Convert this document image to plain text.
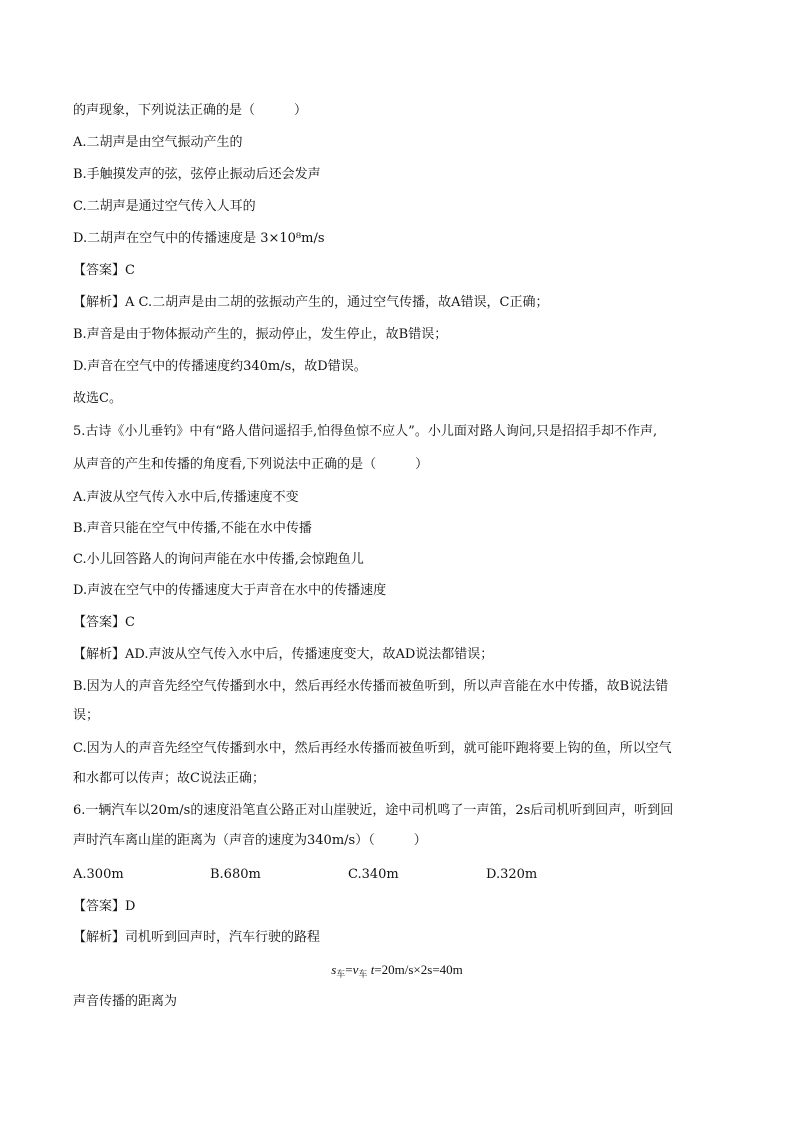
的声现象，下列说法正确的是（　　　）
A.二胡声是由空气振动产生的
B.手触摸发声的弦，弦停止振动后还会发声
C.二胡声是通过空气传入人耳的
D.二胡声在空气中的传播速度是 3×10⁸m/s
【答案】C
【解析】A C.二胡声是由二胡的弦振动产生的，通过空气传播，故A错误，C正确；
B.声音是由于物体振动产生的，振动停止，发生停止，故B错误；
D.声音在空气中的传播速度约340m/s，故D错误。
故选C。
5.古诗《小儿垂钓》中有“路人借问遥招手,怕得鱼惊不应人”。小儿面对路人询问,只是招招手却不作声,
从声音的产生和传播的角度看,下列说法中正确的是（　　　）
A.声波从空气传入水中后,传播速度不变
B.声音只能在空气中传播,不能在水中传播
C.小儿回答路人的询问声能在水中传播,会惊跑鱼儿
D.声波在空气中的传播速度大于声音在水中的传播速度
【答案】C
【解析】AD.声波从空气传入水中后，传播速度变大，故AD说法都错误；
B.因为人的声音先经空气传播到水中，然后再经水传播而被鱼听到，所以声音能在水中传播，故B说法错
误；
C.因为人的声音先经空气传播到水中，然后再经水传播而被鱼听到，就可能吓跑将要上钩的鱼，所以空气
和水都可以传声；故C说法正确；
6.一辆汽车以20m/s的速度沿笔直公路正对山崖驶近，途中司机鸣了一声笛，2s后司机听到回声，听到回
声时汽车离山崖的距离为（声音的速度为340m/s）（　　　）
A.300m	B.680m	C.340m	D.320m
【答案】D
【解析】司机听到回声时，汽车行驶的路程
$s_车=v_车$ t=20m/s×2s=40m
声音传播的距离为
